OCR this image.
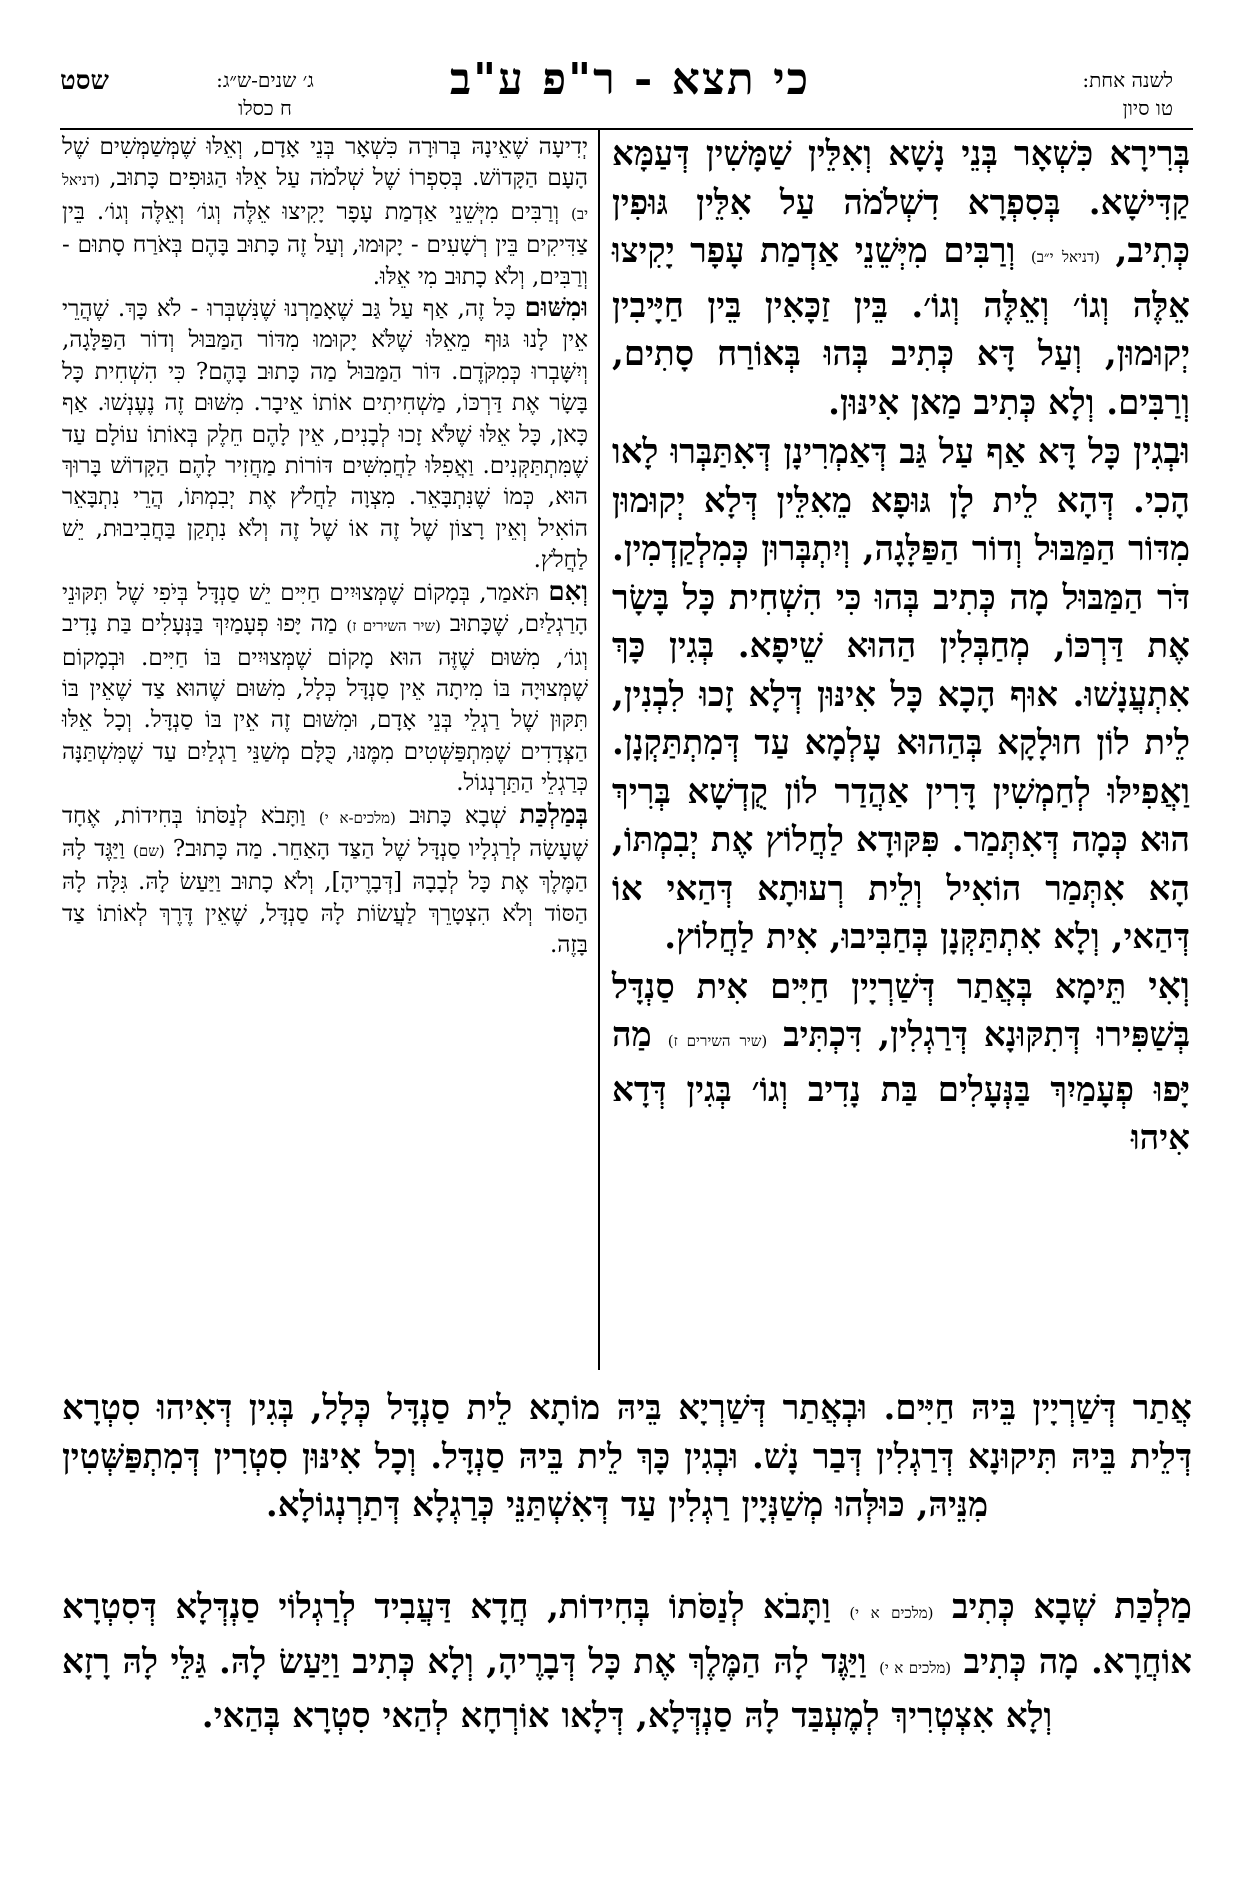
שסט	ג׳ שנים-ש״ג:
ח כסלו
כי תצא - ר"פ ע"ב	לשנה אחת:
טו סיון

בְּרִירָא כִּשְׁאָר בְּנֵי נָשָׁא וְאִלֵּין שַׁמָּשִׁין דְּעַמָּא קַדִּישָׁא. בְּסִפְרָא דִשְׁלֹמֹה עַל אִלֵּין גּוּפִין כְּתִיב, (דניאל י״ב) וְרַבִּים מִיְּשֵׁנֵי אַדְמַת עָפָר יָקִיצוּ אֵלֶּה וְגוֹ׳ וְאֵלֶּה וְגוֹ׳. בֵּין זַכָּאִין בֵּין חַיָּיבִין יְקוּמוּן, וְעַל דָּא כְּתִיב בְּהוּ בְּאוֹרַח סָתִים, וְרַבִּים. וְלָא כְּתִיב מַאן אִינּוּן.

וּבְגִין כָּל דָּא אַף עַל גַּב דְּאַמְרִינָן דְּאִתַּבְּרוּ לָאו הָכִי. דְּהָא לֵית לָן גּוּפָא מֵאִלֵּין דְּלָא יְקוּמוּן מִדּוֹר הַמַּבּוּל וְדוֹר הַפַּלָּגָה, וְיִתְבְּרוּן כְּמִלְקַדְמִין. דֹּר הַמַּבּוּל מָה כְּתִיב בְּהוּ כִּי הִשְׁחִית כָּל בָּשָׂר אֶת דַּרְכּוֹ, מְחַבְּלִין הַהוּא שֵׁיפָא. בְּגִין כָּךְ אִתְעֲנָשׁוּ. אוּף הָכָא כָּל אִינּוּן דְּלָא זָכוּ לִבְנִין, לֵית לוֹן חוּלָקָא בְּהַהוּא עָלְמָא עַד דְּמִתְתַּקְנָן. וַאֲפִילּוּ לְחַמְשִׁין דָּרִין אַהֲדַר לוֹן קֻדְשָׁא בְּרִיךְ הוּא כְּמָה דְּאִתְּמַר. פִּקּוּדָא לַחֲלוֹץ אֶת יְבִמְתּוֹ, הָא אִתְּמַר הוֹאִיל וְלֵית רְעוּתָא דְּהַאי אוֹ דְּהַאי, וְלָא אִתְתַּקְּנָן בְּחַבִּיבוּ, אִית לַחֲלוֹץ.

וְאִי תֵּימָא בְּאֲתַר דְּשַׁרְיָין חַיִּים אִית סַנְדָּל בְּשַׁפִּירוּ דְּתִקּוּנָא דְּרַגְלִין, דִּכְתִּיב (שיר השירים ז) מַה יָּפוּ פְעָמַיִךְ בַּנְּעָלִים בַּת נָדִיב וְגוֹ׳ בְּגִין דְּדָא אִיהוּ

יְדִיעָה שֶׁאֵינָהּ בְּרוּרָה כִּשְׁאָר בְּנֵי אָדָם, וְאֵלּוּ שֶׁמְּשַׁמְּשִׁים שֶׁל הָעָם הַקָּדוֹשׁ. בְּסִפְרוֹ שֶׁל שְׁלֹמֹה עַל אֵלּוּ הַגּוּפִים כָּתוּב, (דניאל יב) וְרַבִּים מִיְּשֵׁנֵי אַדְמַת עָפָר יָקִיצוּ אֵלֶּה וְגוֹ׳ וְאֵלֶּה וְגוֹ׳. בֵּין צַדִּיקִים בֵּין רְשָׁעִים - יָקוּמוּ, וְעַל זֶה כָּתוּב בָּהֶם בְּאֹרַח סָתוּם - וְרַבִּים, וְלֹא כָתוּב מִי אֵלּוּ.

וּמִשּׁוּם כָּל זֶה, אַף עַל גַּב שֶׁאָמַרְנוּ שֶׁנִּשְׁבְּרוּ - לֹא כָּךְ. שֶׁהֲרֵי אֵין לָנוּ גּוּף מֵאֵלּוּ שֶׁלֹּא יָקוּמוּ מִדּוֹר הַמַּבּוּל וְדוֹר הַפַּלָּגָה, וְיִשָּׁבְרוּ כְּמִקֹּדֶם. דּוֹר הַמַּבּוּל מַה כָּתוּב בָּהֶם? כִּי הִשְׁחִית כָּל בָּשָׂר אֶת דַּרְכּוֹ, מַשְׁחִיתִים אוֹתוֹ אֵיבָר. מִשּׁוּם זֶה נֶעֶנְשׁוּ. אַף כָּאן, כָּל אֵלּוּ שֶׁלֹּא זָכוּ לְבָנִים, אֵין לָהֶם חֵלֶק בְּאוֹתוֹ עוֹלָם עַד שֶׁמִּתְתַּקְּנִים. וַאֲפִלּוּ לַחֲמִשִּׁים דּוֹרוֹת מַחֲזִיר לָהֶם הַקָּדוֹשׁ בָּרוּךְ הוּא, כְּמוֹ שֶׁנִּתְבָּאֵר. מִצְוָה לַחֲלֹץ אֶת יְבִמְתּוֹ, הֲרֵי נִתְבָּאֵר הוֹאִיל וְאֵין רָצוֹן שֶׁל זֶה אוֹ שֶׁל זֶה וְלֹא נִתְקַן בַּחֲבִיבוּת, יֵשׁ לַחֲלֹץ.

וְאִם תֹּאמַר, בְּמָקוֹם שֶׁמְּצוּיִים חַיִּים יֵשׁ סַנְדָּל בְּיֹפִי שֶׁל תִּקּוּנֵי הָרַגְלַיִם, שֶׁכָּתוּב (שיר השירים ז) מַה יָּפוּ פְעָמַיִךְ בַּנְּעָלִים בַּת נָדִיב וְגוֹ׳, מִשּׁוּם שֶׁזֶּה הוּא מָקוֹם שֶׁמְּצוּיִים בּוֹ חַיִּים. וּבְמָקוֹם שֶׁמְּצוּיָה בּוֹ מִיתָה אֵין סַנְדָּל כְּלָל, מִשּׁוּם שֶׁהוּא צַד שֶׁאֵין בּוֹ תִּקּוּן שֶׁל רַגְלֵי בְּנֵי אָדָם, וּמִשּׁוּם זֶה אֵין בּוֹ סַנְדָּל. וְכָל אֵלּוּ הַצְּדָדִים שֶׁמִּתְפַּשְּׁטִים מִמֶּנּוּ, כֻּלָּם מְשַׁנֵּי רַגְלַיִם עַד שֶׁמִּשְׁתַּנָּה כְּרַגְלֵי הַתַּרְנְגוֹל.

בְּמַלְכַּת שְׁבָא כָּתוּב (מלכים-א י) וַתָּבֹא לְנַסֹּתוֹ בְּחִידוֹת, אֶחָד שֶׁעָשָׂה לְרַגְלָיו סַנְדָּל שֶׁל הַצַּד הָאַחֵר. מַה כָּתוּב? (שם) וַיַּגֶּד לָהּ הַמֶּלֶךְ אֶת כָּל לְבָבָהּ [דְּבָרֶיהָ], וְלֹא כָתוּב וַיַּעַשׂ לָהּ. גִּלָּה לָהּ הַסּוֹד וְלֹא הִצְטָרֵךְ לַעֲשׂוֹת לָהּ סַנְדָּל, שֶׁאֵין דֶּרֶךְ לְאוֹתוֹ צַד בָּזֶה.

אֲתַר דְּשַׁרְיָין בֵּיהּ חַיִּים. וּבְאֲתַר דְּשַׁרְיָא בֵּיהּ מוֹתָא לֵית סַנְדָּל כְּלָל, בְּגִין דְּאִיהוּ סִטְרָא דְּלֵית בֵּיהּ תִּיקוּנָא דְּרַגְלִין דְּבַר נָשׁ. וּבְגִין כָּךְ לֵית בֵּיהּ סַנְדָּל. וְכָל אִינּוּן סִטְרִין דְּמִתְפַּשְּׁטִין מִנֵּיהּ, כּוּלְּהוּ מְשַׁנְּיָין רַגְלִין עַד דְּאִשְׁתַּנֵּי כְּרַגְלָא דְּתַרְנְגוֹלָא.
מַלְכַּת שְׁבָא כְּתִיב (מלכים א י) וַתָּבֹא לְנַסֹּתוֹ בְּחִידוֹת, חֲדָא דַּעֲבִיד לְרַגְלוֹי סַנְדְּלָא דְּסִטְרָא אוֹחֲרָא. מָה כְּתִיב (מלכים א י) וַיַּגֶּד לָהּ הַמֶּלֶךְ אֶת כָּל דְּבָרֶיהָ, וְלָא כְּתִיב וַיַּעַשׂ לָהּ. גַּלֵּי לָהּ רָזָא וְלָא אִצְטְרִיךְ לְמֶעְבַּד לָהּ סַנְדְּלָא, דְּלָאו אוֹרְחָא לְהַאי סִטְרָא בְּהַאי.
